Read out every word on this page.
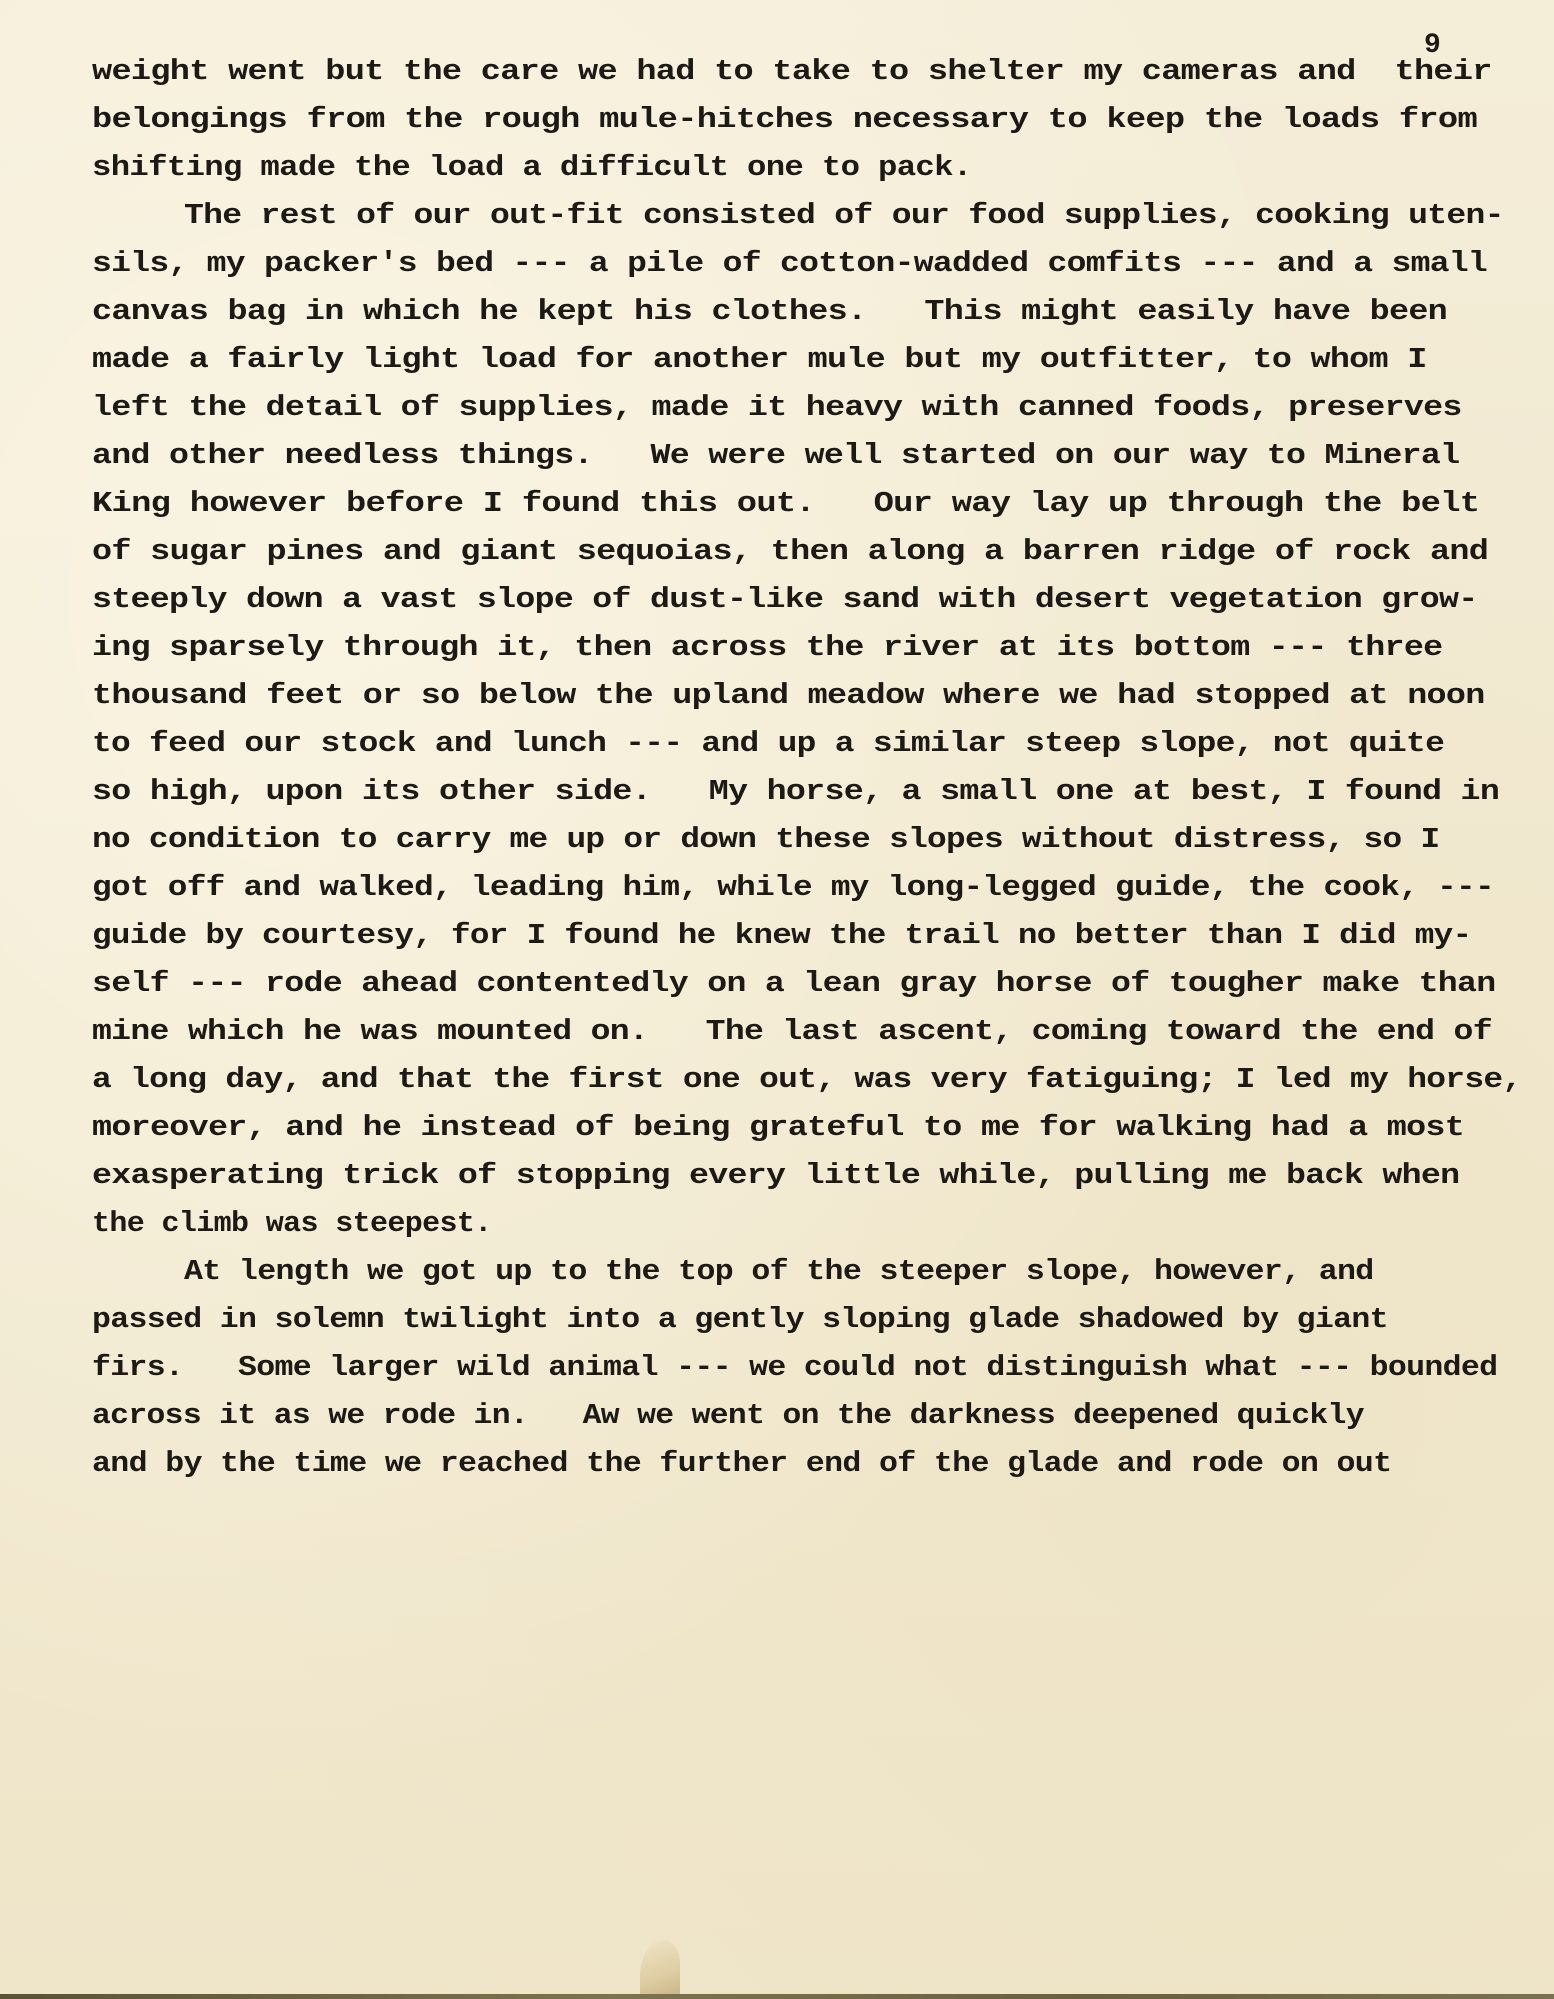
9
weight went but the care we had to take to shelter my cameras and  their
belongings from the rough mule-hitches necessary to keep the loads from
shifting made the load a difficult one to pack.
The rest of our out-fit consisted of our food supplies, cooking uten-
sils, my packer's bed --- a pile of cotton-wadded comfits --- and a small
canvas bag in which he kept his clothes.   This might easily have been
made a fairly light load for another mule but my outfitter, to whom I
left the detail of supplies, made it heavy with canned foods, preserves
and other needless things.   We were well started on our way to Mineral
King however before I found this out.   Our way lay up through the belt
of sugar pines and giant sequoias, then along a barren ridge of rock and
steeply down a vast slope of dust-like sand with desert vegetation grow-
ing sparsely through it, then across the river at its bottom --- three
thousand feet or so below the upland meadow where we had stopped at noon
to feed our stock and lunch --- and up a similar steep slope, not quite
so high, upon its other side.   My horse, a small one at best, I found in
no condition to carry me up or down these slopes without distress, so I
got off and walked, leading him, while my long-legged guide, the cook, ---
guide by courtesy, for I found he knew the trail no better than I did my-
self --- rode ahead contentedly on a lean gray horse of tougher make than
mine which he was mounted on.   The last ascent, coming toward the end of
a long day, and that the first one out, was very fatiguing; I led my horse,
moreover, and he instead of being grateful to me for walking had a most
exasperating trick of stopping every little while, pulling me back when
the climb was steepest.
At length we got up to the top of the steeper slope, however, and
passed in solemn twilight into a gently sloping glade shadowed by giant
firs.   Some larger wild animal --- we could not distinguish what --- bounded
across it as we rode in.   Aw we went on the darkness deepened quickly
and by the time we reached the further end of the glade and rode on out
